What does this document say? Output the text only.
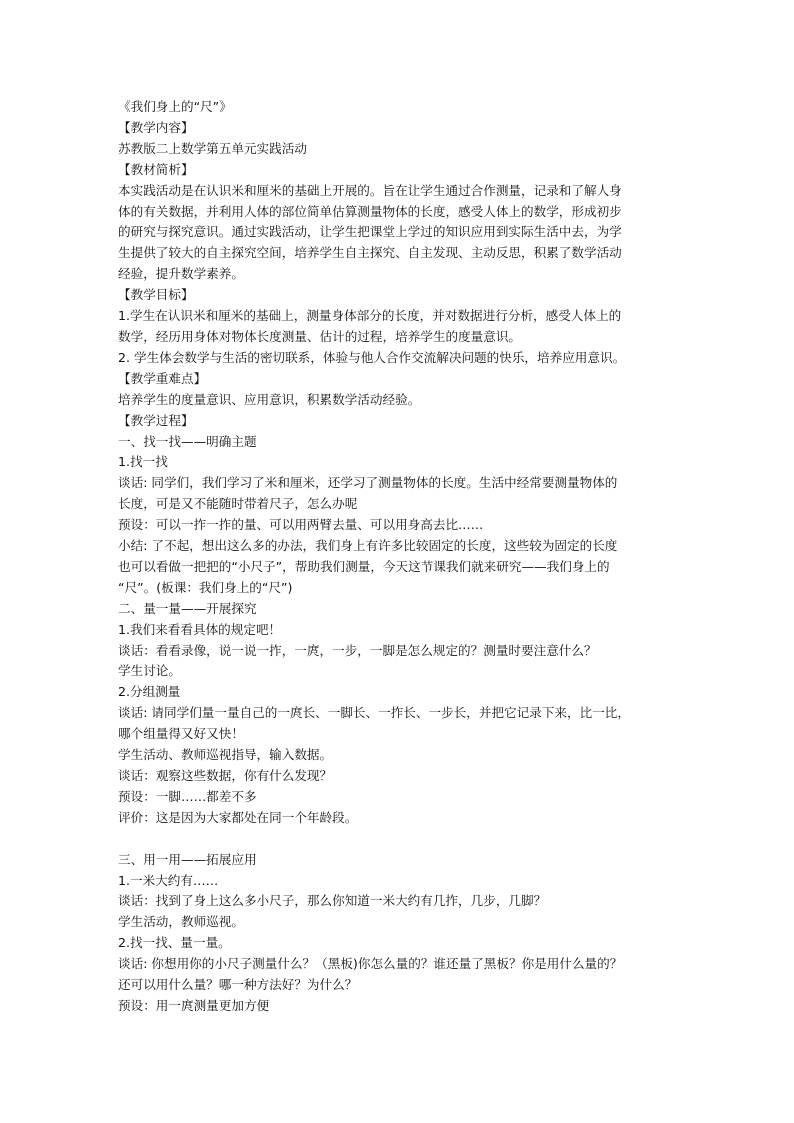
《我们身上的“尺”》
【教学内容】
苏教版二上数学第五单元实践活动
【教材简析】
本实践活动是在认识米和厘米的基础上开展的。旨在让学生通过合作测量，记录和了解人身
体的有关数据，并利用人体的部位简单估算测量物体的长度，感受人体上的数学，形成初步
的研究与探究意识。通过实践活动，让学生把课堂上学过的知识应用到实际生活中去，为学
生提供了较大的自主探究空间，培养学生自主探究、自主发现、主动反思，积累了数学活动
经验，提升数学素养。
【教学目标】
1.学生在认识米和厘米的基础上，测量身体部分的长度，并对数据进行分析，感受人体上的
数学，经历用身体对物体长度测量、估计的过程，培养学生的度量意识。
2. 学生体会数学与生活的密切联系，体验与他人合作交流解决问题的快乐，培养应用意识。
【教学重难点】
培养学生的度量意识、应用意识，积累数学活动经验。
【教学过程】
一、找一找——明确主题
1.找一找
谈话: 同学们，我们学习了米和厘米，还学习了测量物体的长度。生活中经常要测量物体的
长度，可是又不能随时带着尺子，怎么办呢
预设：可以一拃一拃的量、可以用两臂去量、可以用身高去比……
小结: 了不起，想出这么多的办法，我们身上有许多比较固定的长度，这些较为固定的长度
也可以看做一把把的“小尺子”，帮助我们测量，今天这节课我们就来研究——我们身上的
“尺”。(板课：我们身上的“尺”)
二、量一量——开展探究
1.我们来看看具体的规定吧！
谈话：看看录像，说一说一拃，一庹，一步，一脚是怎么规定的？测量时要注意什么？
学生讨论。
2.分组测量
谈话: 请同学们量一量自己的一庹长、一脚长、一拃长、一步长，并把它记录下来，比一比，
哪个组量得又好又快！
学生活动、教师巡视指导，输入数据。
谈话：观察这些数据，你有什么发现？
预设：一脚……都差不多
评价：这是因为大家都处在同一个年龄段。
三、用一用——拓展应用
1.一米大约有……
谈话：找到了身上这么多小尺子，那么你知道一米大约有几拃，几步，几脚？
学生活动，教师巡视。
2.找一找、量一量。
谈话: 你想用你的小尺子测量什么？（黑板)你怎么量的？谁还量了黑板？你是用什么量的？
还可以用什么量？哪一种方法好？为什么？
预设：用一庹测量更加方便
